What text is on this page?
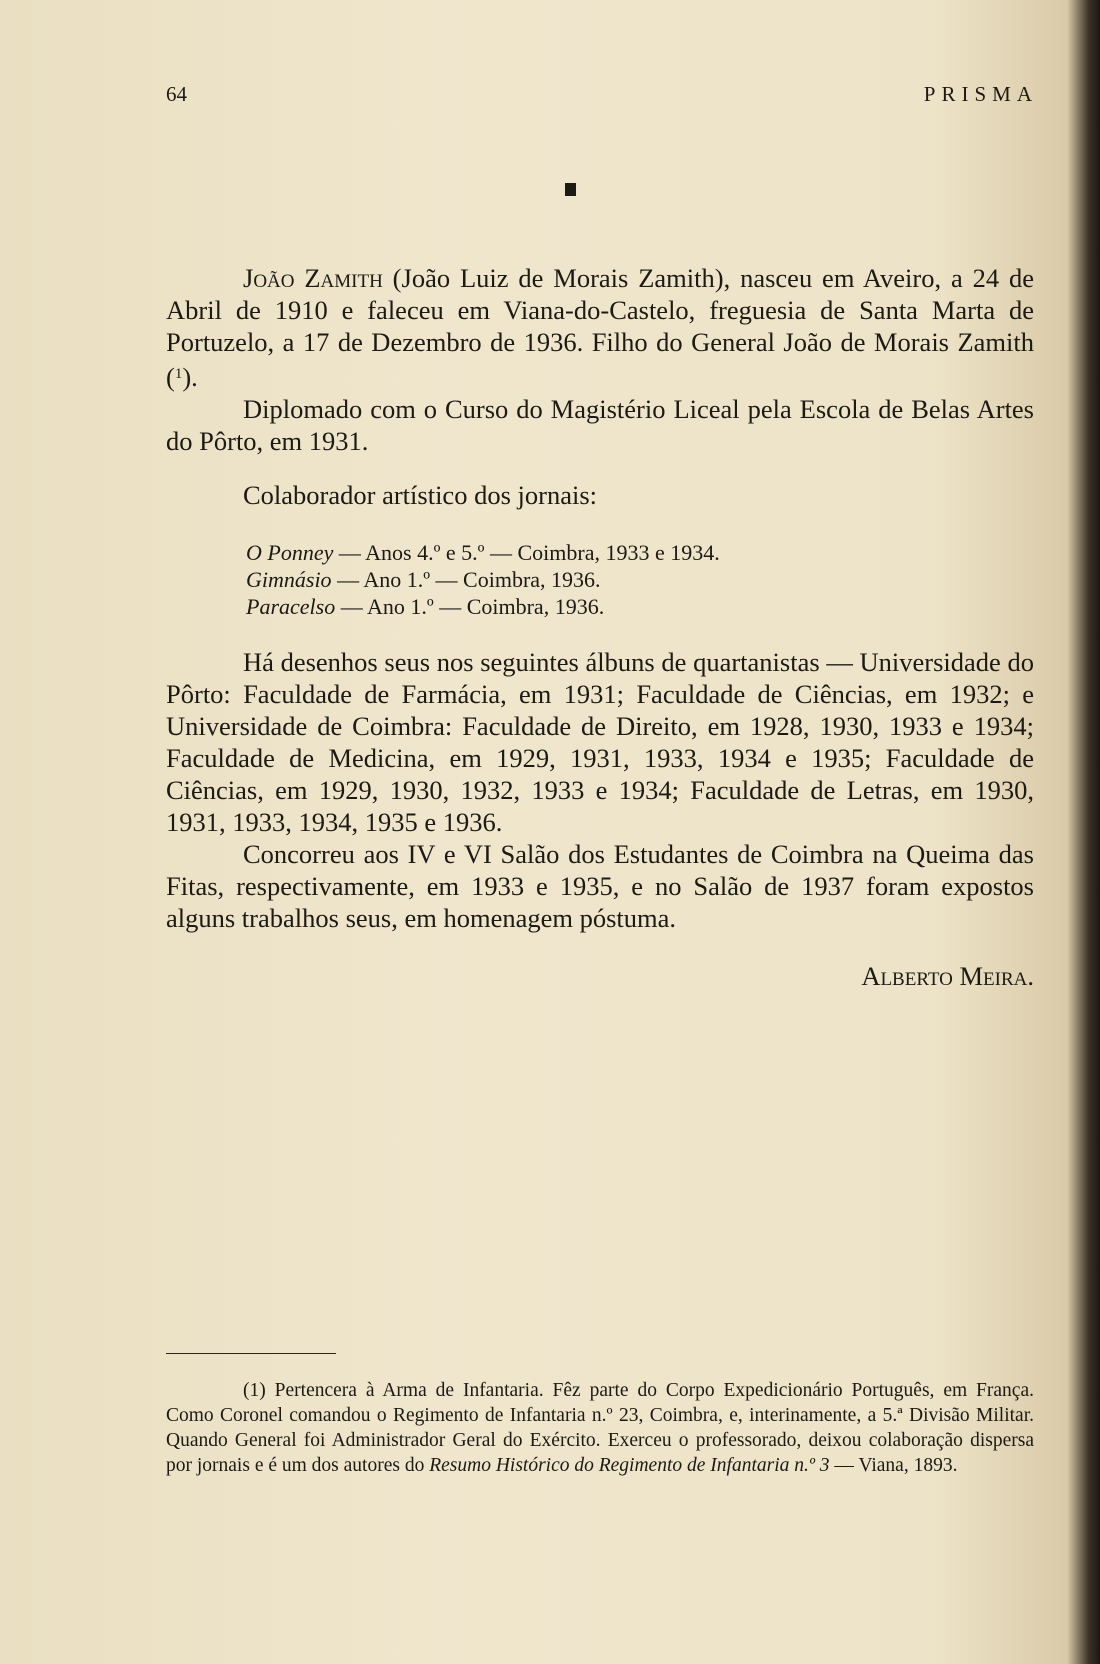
64	PRISMA

João Zamith (João Luiz de Morais Zamith), nasceu em Aveiro, a 24 de Abril de 1910 e faleceu em Viana-do-Castelo, freguesia de Santa Marta de Portuzelo, a 17 de Dezembro de 1936. Filho do General João de Morais Zamith ($^1$).

Diplomado com o Curso do Magistério Liceal pela Escola de Belas Artes do Pôrto, em 1931.

Colaborador artístico dos jornais:

O Ponney — Anos 4.º e 5.º — Coimbra, 1933 e 1934.
Gimnásio — Ano 1.º — Coimbra, 1936.
Paracelso — Ano 1.º — Coimbra, 1936.

Há desenhos seus nos seguintes álbuns de quartanistas — Universidade do Pôrto: Faculdade de Farmácia, em 1931; Faculdade de Ciências, em 1932; e Universidade de Coimbra: Faculdade de Direito, em 1928, 1930, 1933 e 1934; Faculdade de Medicina, em 1929, 1931, 1933, 1934 e 1935; Faculdade de Ciências, em 1929, 1930, 1932, 1933 e 1934; Faculdade de Letras, em 1930, 1931, 1933, 1934, 1935 e 1936.

Concorreu aos IV e VI Salão dos Estudantes de Coimbra na Queima das Fitas, respectivamente, em 1933 e 1935, e no Salão de 1937 foram expostos alguns trabalhos seus, em homenagem póstuma.

Alberto Meira.

(1) Pertencera à Arma de Infantaria. Fêz parte do Corpo Expedicionário Português, em França. Como Coronel comandou o Regimento de Infantaria n.º 23, Coimbra, e, interinamente, a 5.ª Divisão Militar. Quando General foi Administrador Geral do Exército. Exerceu o professorado, deixou colaboração dispersa por jornais e é um dos autores do Resumo Histórico do Regimento de Infantaria n.º 3 — Viana, 1893.
